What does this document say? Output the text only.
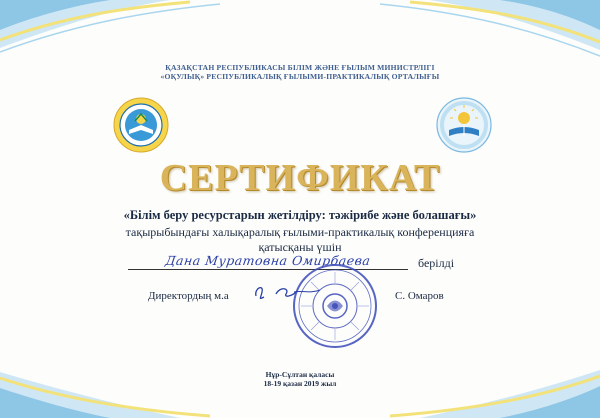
ҚАЗАҚСТАН РЕСПУБЛИКАСЫ БІЛІМ ЖӘНЕ ҒЫЛЫМ МИНИСТРЛІГІ
«ОҚУЛЫҚ» РЕСПУБЛИКАЛЫҚ ҒЫЛЫМИ-ПРАКТИКАЛЫҚ ОРТАЛЫҒЫ
СЕРТИФИКАТ
«Білім беру ресурстарын жетілдіру: тәжірибе және болашағы»
тақырыбындағы халықаралық ғылыми-практикалық конференцияға
қатысқаны үшін
Дана Муратовна Омирбаева	берілді
Директордың м.а	С. Омаров
Нұр-Сұлтан қаласы
18-19 қазан 2019 жыл
